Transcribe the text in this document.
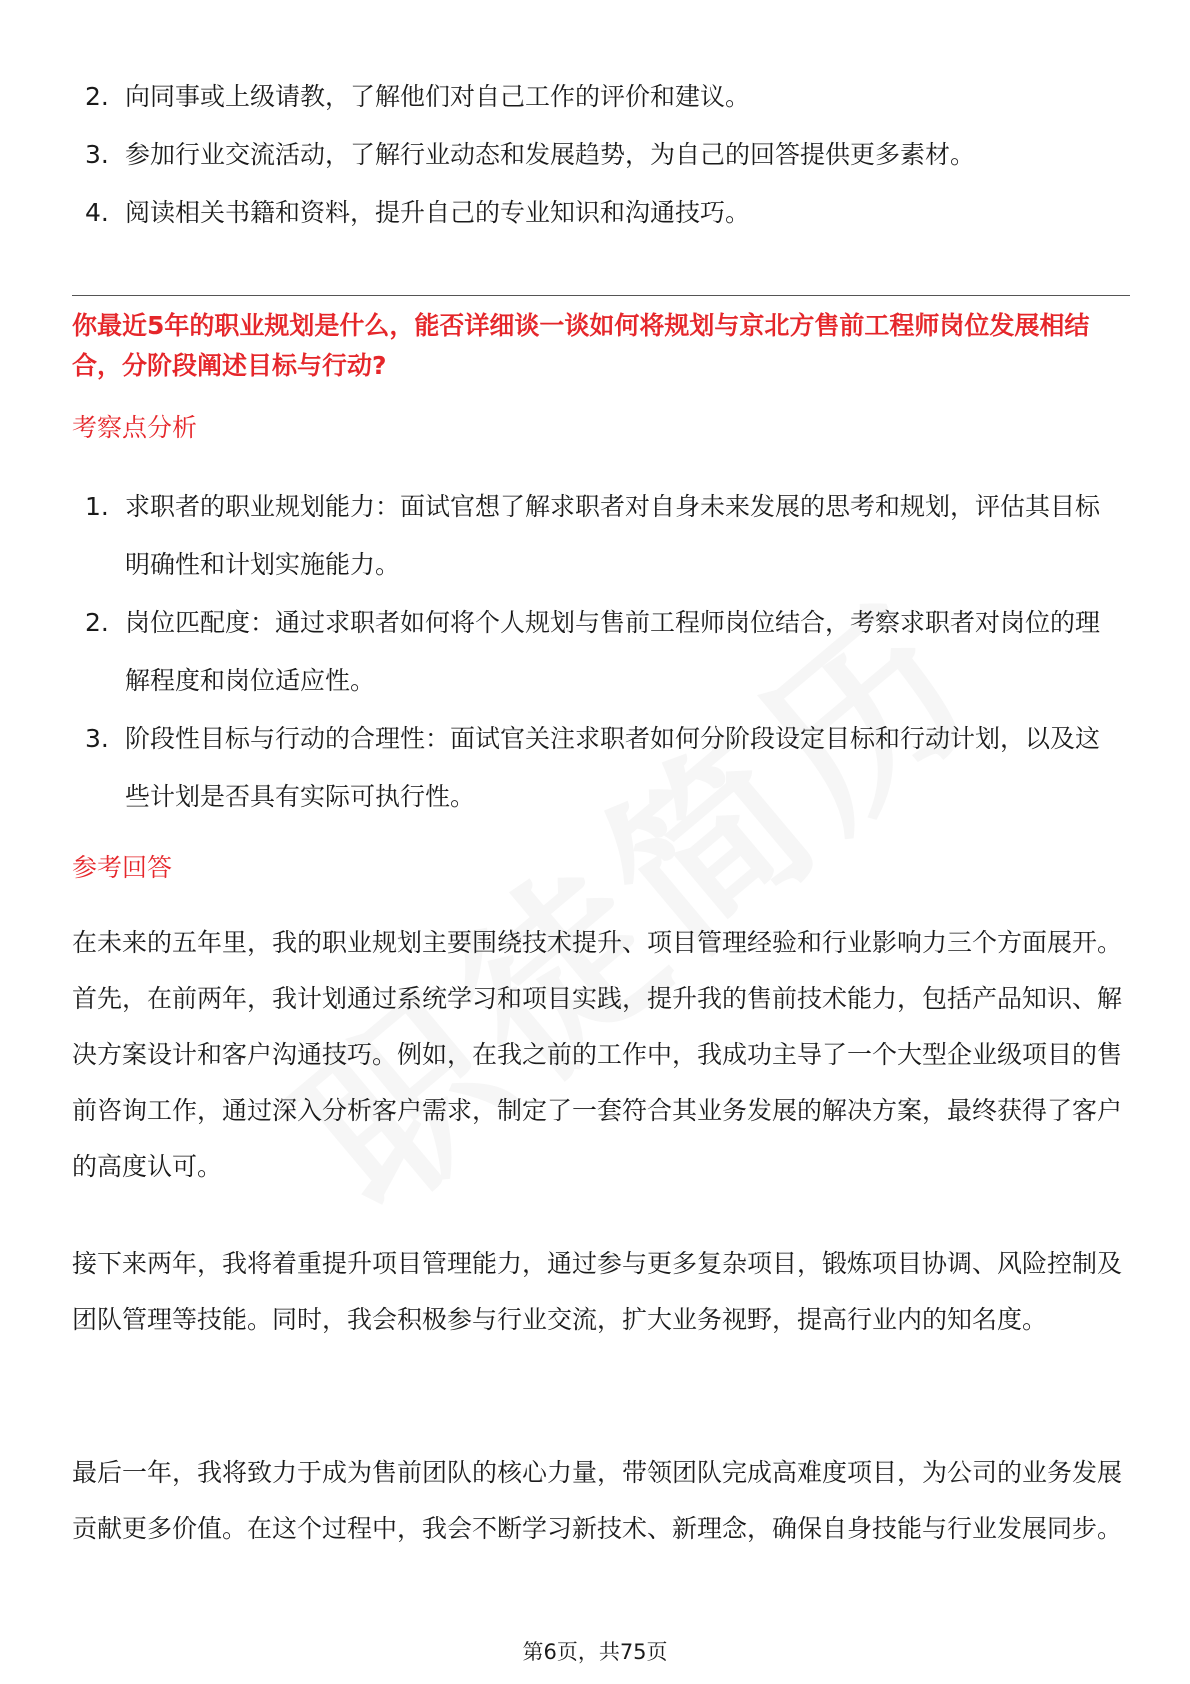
2. 向同事或上级请教，了解他们对自己工作的评价和建议。
3. 参加行业交流活动，了解行业动态和发展趋势，为自己的回答提供更多素材。
4. 阅读相关书籍和资料，提升自己的专业知识和沟通技巧。
你最近5年的职业规划是什么，能否详细谈一谈如何将规划与京北方售前工程师岗位发展相结合，分阶段阐述目标与行动?
考察点分析
1. 求职者的职业规划能力：面试官想了解求职者对自身未来发展的思考和规划，评估其目标明确性和计划实施能力。
2. 岗位匹配度：通过求职者如何将个人规划与售前工程师岗位结合，考察求职者对岗位的理解程度和岗位适应性。
3. 阶段性目标与行动的合理性：面试官关注求职者如何分阶段设定目标和行动计划，以及这些计划是否具有实际可执行性。
参考回答

在未来的五年里，我的职业规划主要围绕技术提升、项目管理经验和行业影响力三个方面展开。首先，在前两年，我计划通过系统学习和项目实践，提升我的售前技术能力，包括产品知识、解决方案设计和客户沟通技巧。例如，在我之前的工作中，我成功主导了一个大型企业级项目的售前咨询工作，通过深入分析客户需求，制定了一套符合其业务发展的解决方案，最终获得了客户的高度认可。

接下来两年，我将着重提升项目管理能力，通过参与更多复杂项目，锻炼项目协调、风险控制及团队管理等技能。同时，我会积极参与行业交流，扩大业务视野，提高行业内的知名度。

最后一年，我将致力于成为售前团队的核心力量，带领团队完成高难度项目，为公司的业务发展贡献更多价值。在这个过程中，我会不断学习新技术、新理念，确保自身技能与行业发展同步。

第6页，共75页
